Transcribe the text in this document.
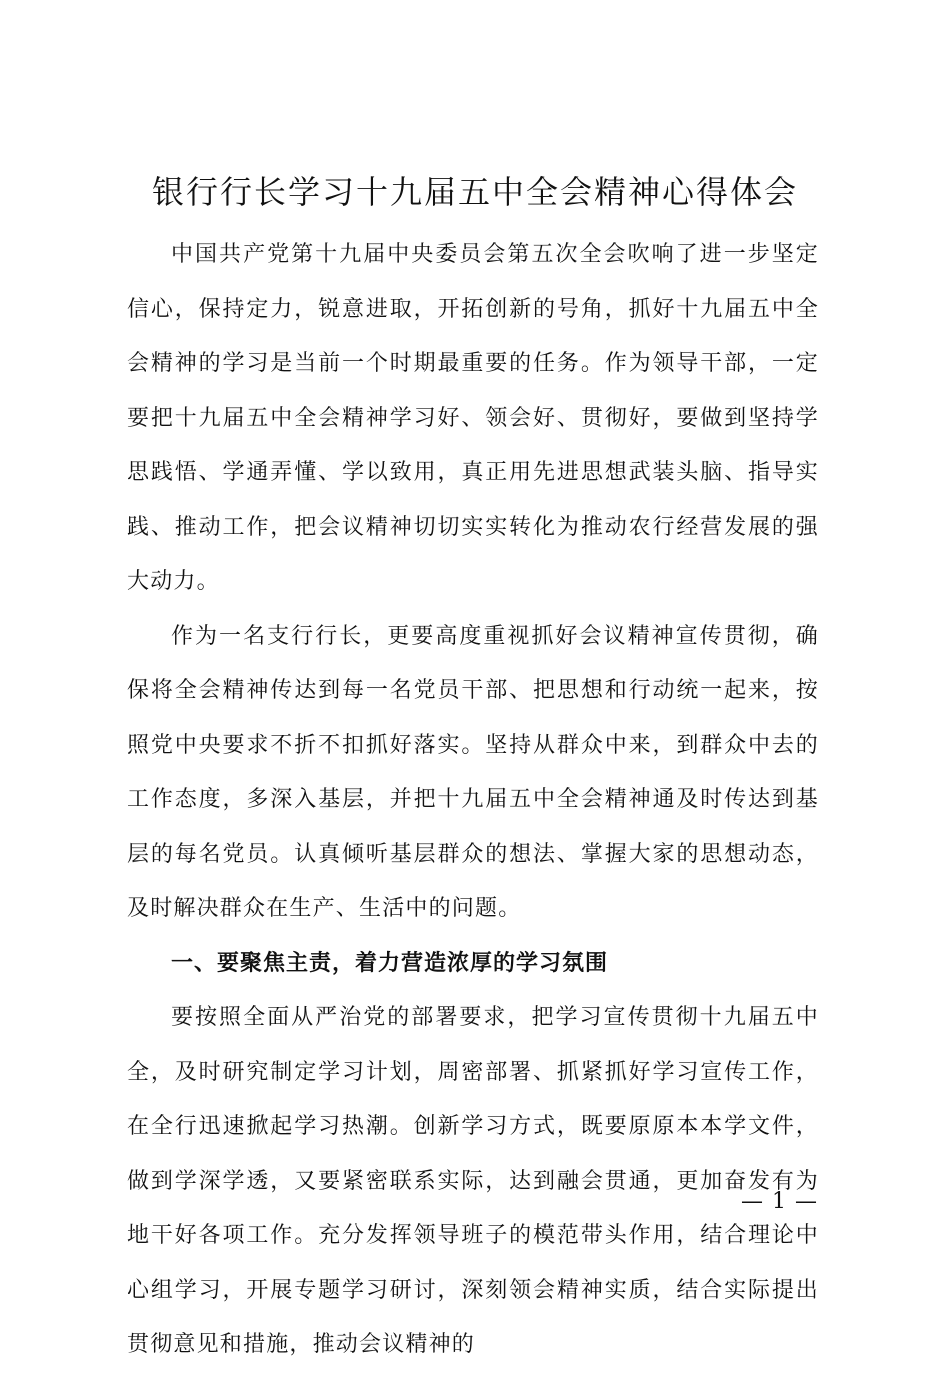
银行行长学习十九届五中全会精神心得体会

中国共产党第十九届中央委员会第五次全会吹响了进一步坚定信心，保持定力，锐意进取，开拓创新的号角，抓好十九届五中全会精神的学习是当前一个时期最重要的任务。作为领导干部，一定要把十九届五中全会精神学习好、领会好、贯彻好，要做到坚持学思践悟、学通弄懂、学以致用，真正用先进思想武装头脑、指导实践、推动工作，把会议精神切切实实转化为推动农行经营发展的强大动力。

作为一名支行行长，更要高度重视抓好会议精神宣传贯彻，确保将全会精神传达到每一名党员干部、把思想和行动统一起来，按照党中央要求不折不扣抓好落实。坚持从群众中来，到群众中去的工作态度，多深入基层，并把十九届五中全会精神通及时传达到基层的每名党员。认真倾听基层群众的想法、掌握大家的思想动态，及时解决群众在生产、生活中的问题。

一、要聚焦主责，着力营造浓厚的学习氛围

要按照全面从严治党的部署要求，把学习宣传贯彻十九届五中全，及时研究制定学习计划，周密部署、抓紧抓好学习宣传工作，在全行迅速掀起学习热潮。创新学习方式，既要原原本本学文件，做到学深学透，又要紧密联系实际，达到融会贯通，更加奋发有为地干好各项工作。充分发挥领导班子的模范带头作用，结合理论中心组学习，开展专题学习研讨，深刻领会精神实质，结合实际提出贯彻意见和措施，推动会议精神的

— 1 —
